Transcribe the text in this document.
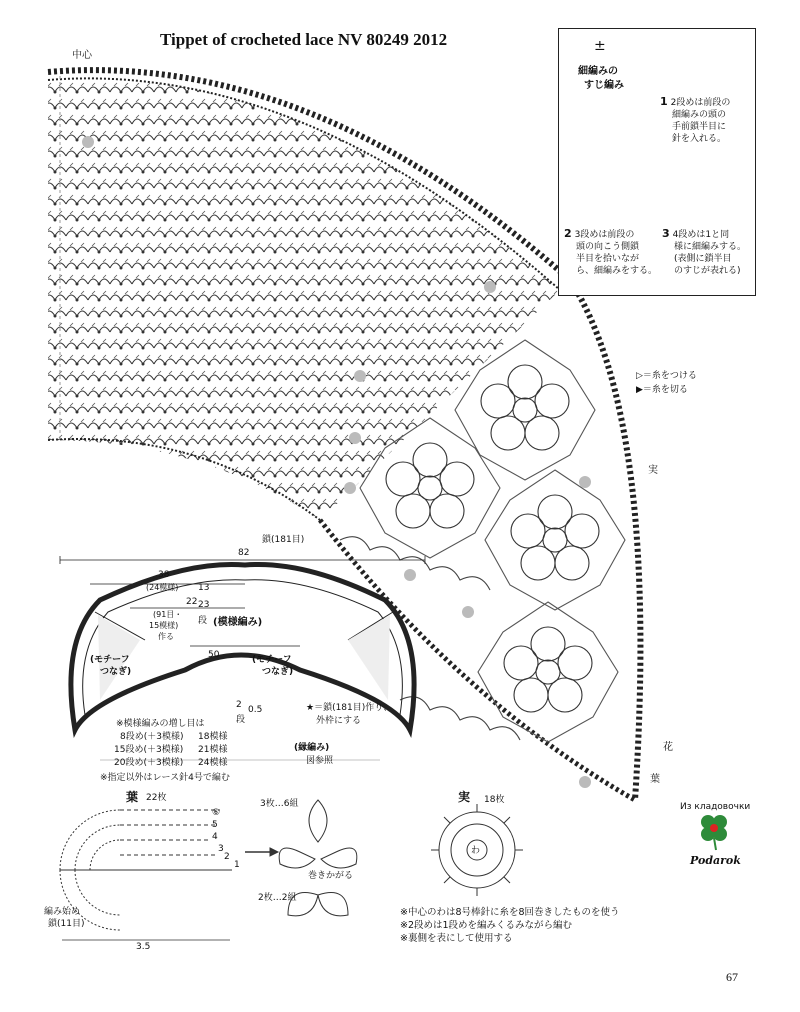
Tippet of crocheted lace NV 80249 2012
中心
鎖(181目)
実
花
葉
▷＝糸をつける
▶＝糸を切る
±
細編みの
すじ編み
1 2段めは前段の
細編みの頭の
手前鎖半目に
針を入れる。
2 3段めは前段の
頭の向こう側鎖
半目を拾いなが
ら、細編みをする。
3 4段めは1と同
様に細編みする。
(表側に鎖半目
のすじが表れる)
82
38
(24模様)
22
(91目・
15模様)
作る
13
23
段 (模様編み)
(モチーフ
つなぎ)
(モチーフ
つなぎ)
50
2
段
0.5	★＝鎖(181目)作り、
外枠にする
(縁編み)
図参照
※模様編みの増し目は
8段め(＋3模様) 18模様
15段め(＋3模様) 21模様
20段め(＋3模様) 24模様
※指定以外はレース針4号で編む
葉 22枚
⑥
5
4
3
2
1
編み始め
鎖(11目)
3.5
3枚…6組
2枚…2組
巻きかがる
実 18枚
わ
※中心のわは8号棒針に糸を8回巻きしたものを使う
※2段めは1段めを編みくるみながら編む
※裏側を表にして使用する
Из кладовочки
Podarok
67
